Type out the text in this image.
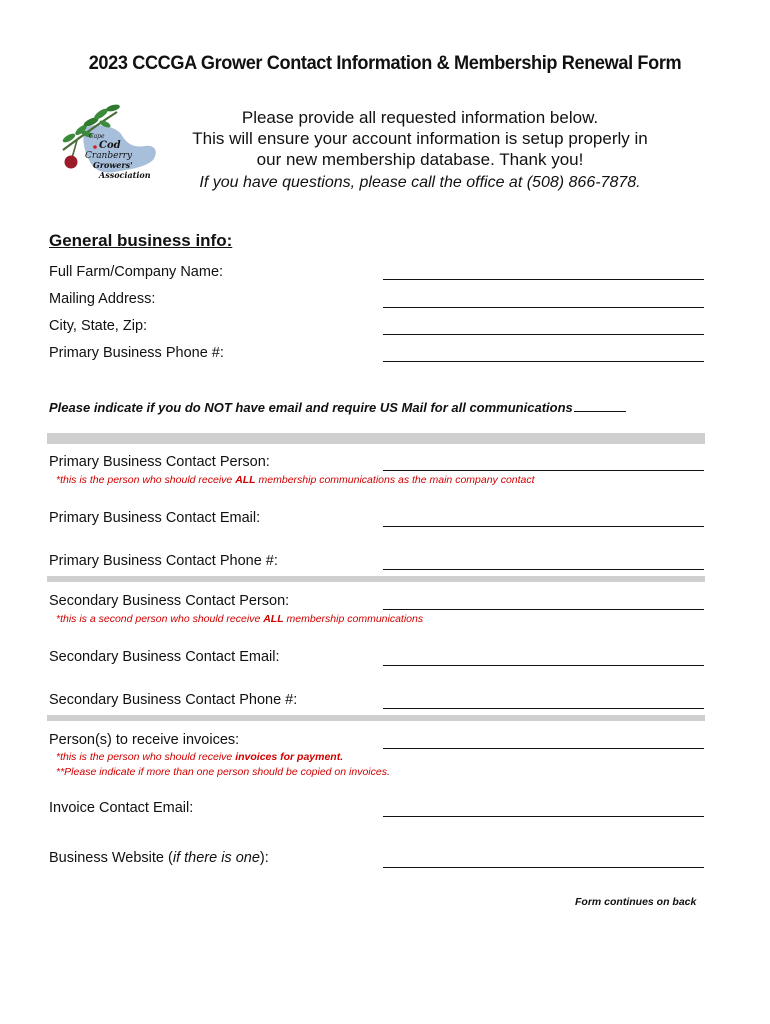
2023 CCCGA Grower Contact Information & Membership Renewal Form
Cape
Cod
Cranberry
Growers'
Association
Please provide all requested information below.
This will ensure your account information is setup properly in
our new membership database. Thank you!
If you have questions, please call the office at (508) 866-7878.
General business info:
Full Farm/Company Name:
Mailing Address:
City, State, Zip:
Primary Business Phone #:
Please indicate if you do NOT have email and require US Mail for all communications
Primary Business Contact Person:
*this is the person who should receive ALL membership communications as the main company contact
Primary Business Contact Email:
Primary Business Contact Phone #:
Secondary Business Contact Person:
*this is a second person who should receive ALL membership communications
Secondary Business Contact Email:
Secondary Business Contact Phone #:
Person(s) to receive invoices:
*this is the person who should receive invoices for payment.
**Please indicate if more than one person should be copied on invoices.
Invoice Contact Email:
Business Website (if there is one):
Form continues on back
